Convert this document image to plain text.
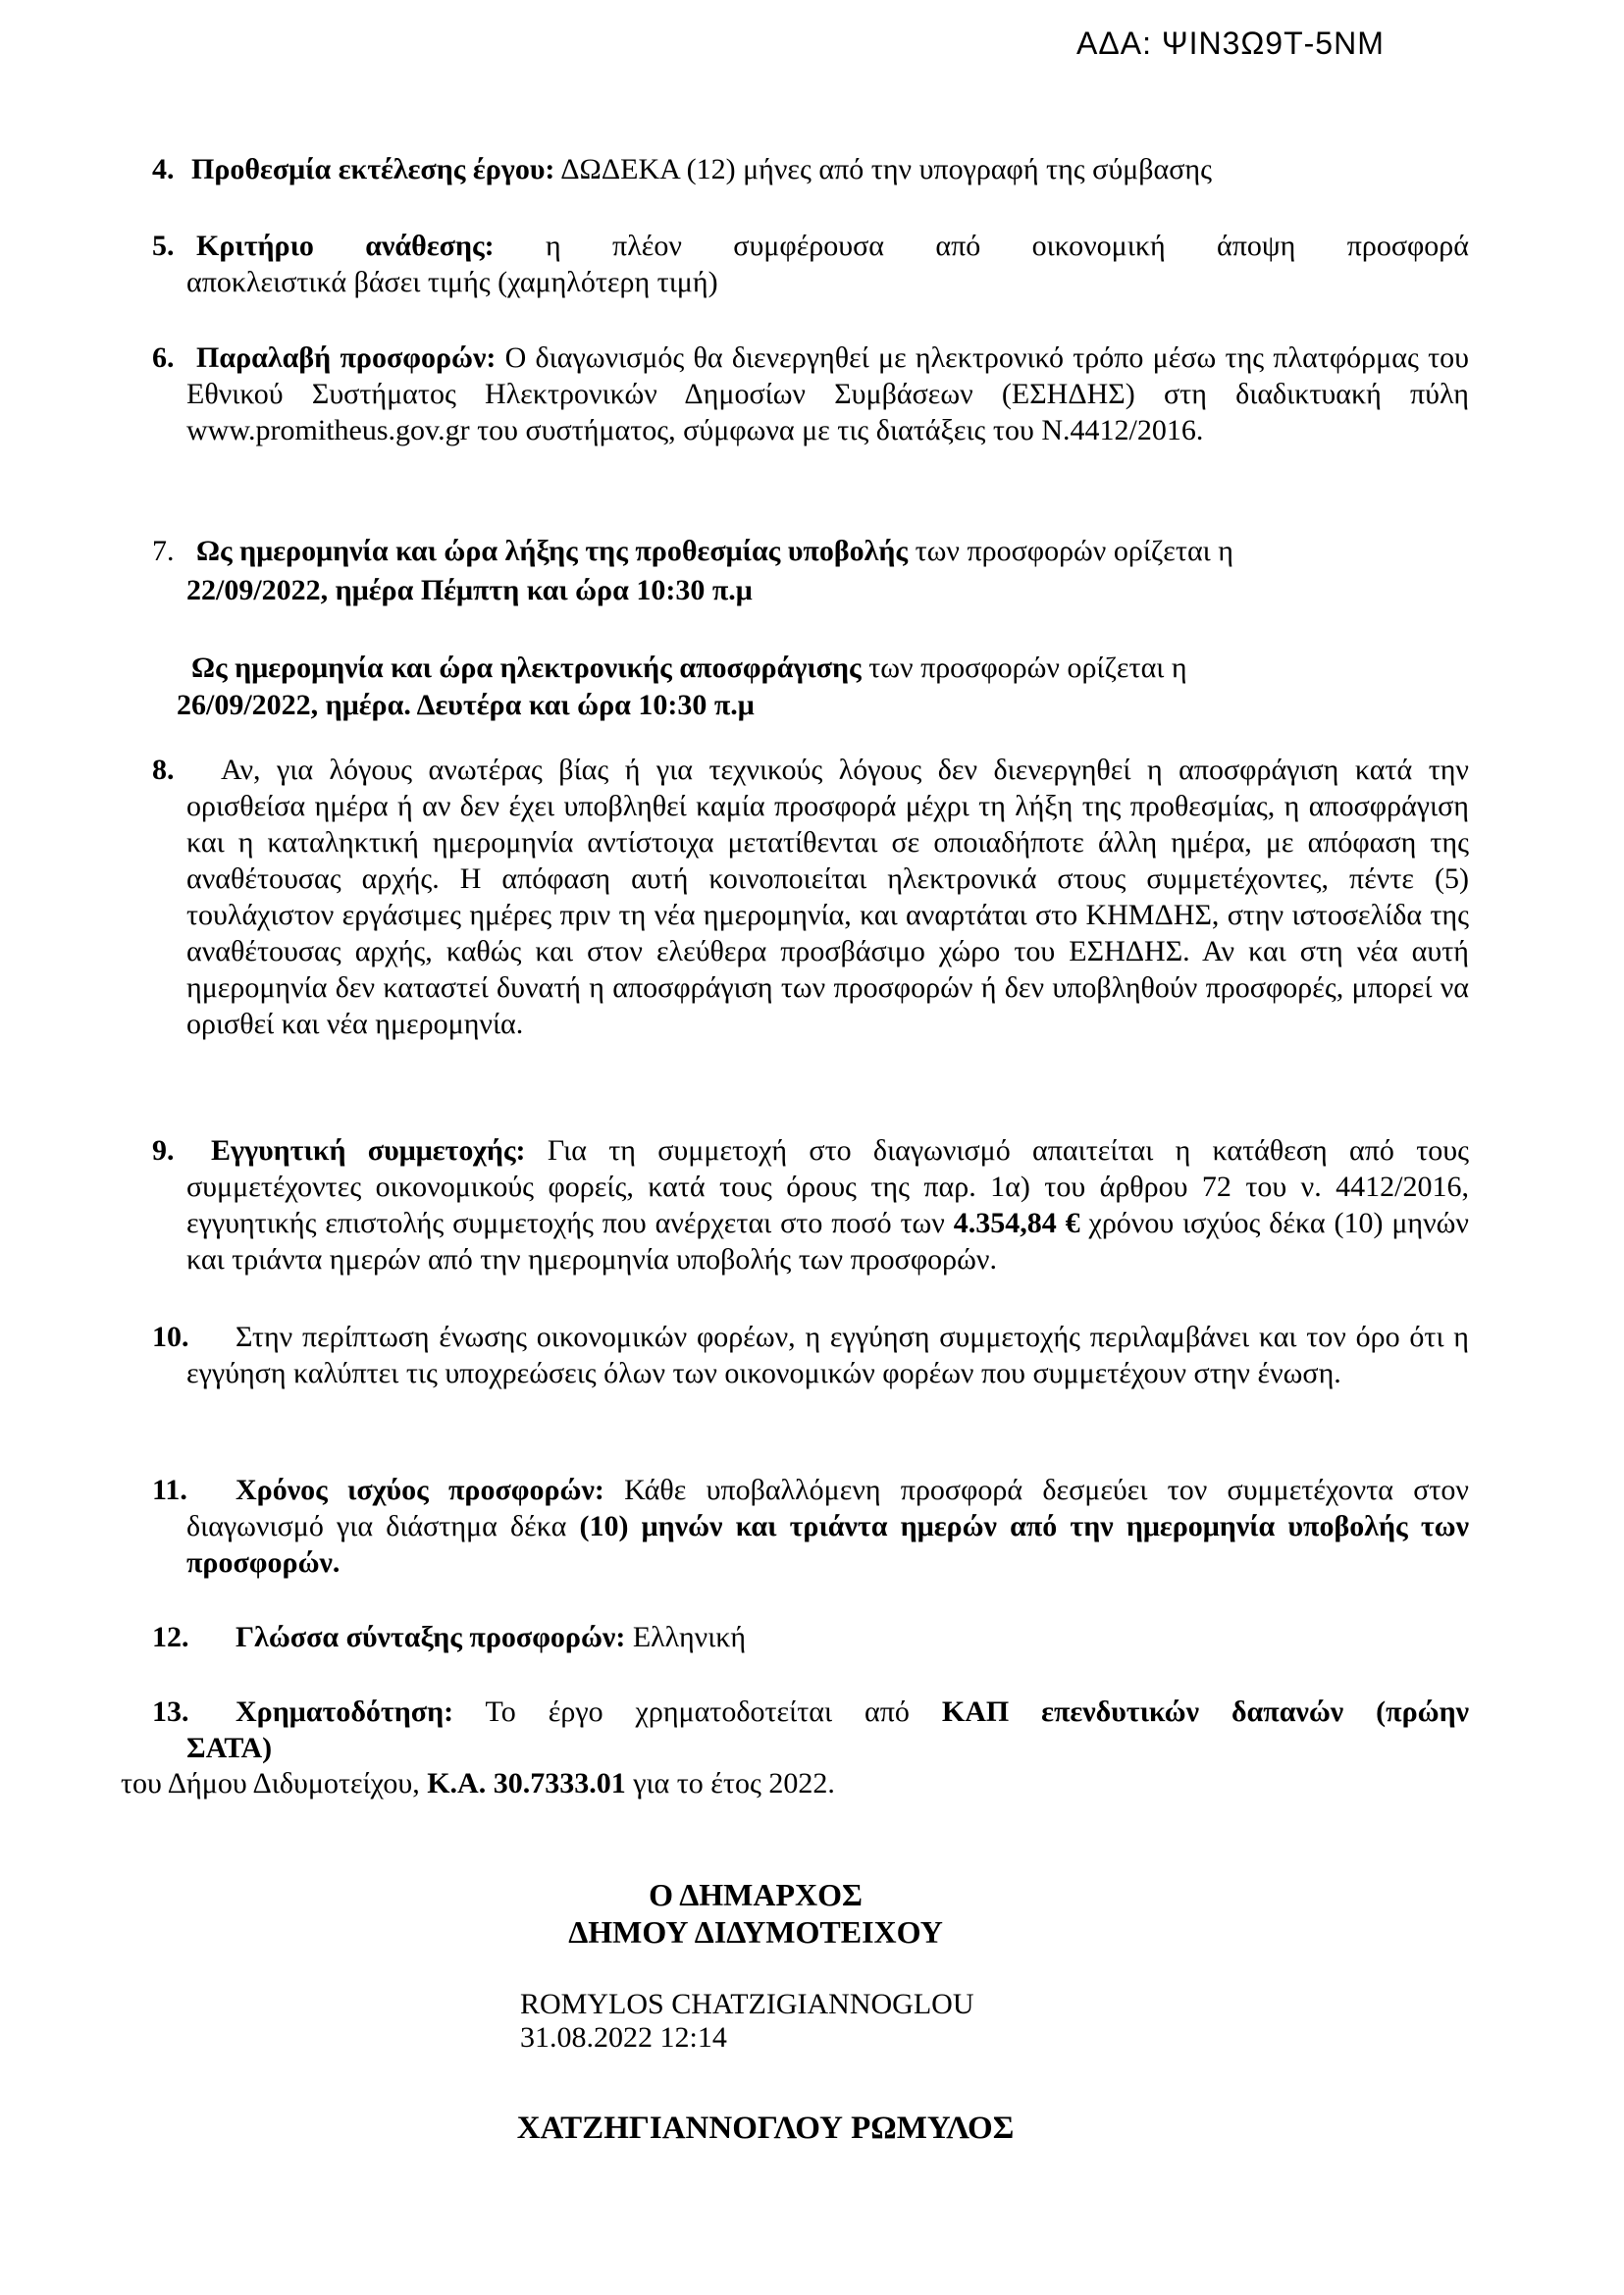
ΑΔΑ: ΨΙΝ3Ω9Τ-5ΝΜ
4. Προθεσμία εκτέλεσης έργου: ΔΩΔΕΚΑ (12) μήνες από την υπογραφή της σύμβασης
5. Κριτήριο ανάθεσης: η πλέον συμφέρουσα από οικονομική άποψη προσφορά
αποκλειστικά βάσει τιμής (χαμηλότερη τιμή)
6. Παραλαβή προσφορών: Ο διαγωνισμός θα διενεργηθεί με ηλεκτρονικό τρόπο μέσω της πλατφόρμας του Εθνικού Συστήματος Ηλεκτρονικών Δημοσίων Συμβάσεων (ΕΣΗΔΗΣ) στη διαδικτυακή πύλη www.promitheus.gov.gr του συστήματος, σύμφωνα με τις διατάξεις του Ν.4412/2016.
7. Ως ημερομηνία και ώρα λήξης της προθεσμίας υποβολής των προσφορών ορίζεται η
22/09/2022, ημέρα Πέμπτη και ώρα 10:30 π.μ
Ως ημερομηνία και ώρα ηλεκτρονικής αποσφράγισης των προσφορών ορίζεται η
26/09/2022, ημέρα. Δευτέρα και ώρα 10:30 π.μ
8. Αν, για λόγους ανωτέρας βίας ή για τεχνικούς λόγους δεν διενεργηθεί η αποσφράγιση κατά την ορισθείσα ημέρα ή αν δεν έχει υποβληθεί καμία προσφορά μέχρι τη λήξη της προθεσμίας, η αποσφράγιση και η καταληκτική ημερομηνία αντίστοιχα μετατίθενται σε οποιαδήποτε άλλη ημέρα, με απόφαση της αναθέτουσας αρχής. Η απόφαση αυτή κοινοποιείται ηλεκτρονικά στους συμμετέχοντες, πέντε (5) τουλάχιστον εργάσιμες ημέρες πριν τη νέα ημερομηνία, και αναρτάται στο ΚΗΜΔΗΣ, στην ιστοσελίδα της αναθέτουσας αρχής, καθώς και στον ελεύθερα προσβάσιμο χώρο του ΕΣΗΔΗΣ. Αν και στη νέα αυτή ημερομηνία δεν καταστεί δυνατή η αποσφράγιση των προσφορών ή δεν υποβληθούν προσφορές, μπορεί να ορισθεί και νέα ημερομηνία.
9. Εγγυητική συμμετοχής: Για τη συμμετοχή στο διαγωνισμό απαιτείται η κατάθεση από τους συμμετέχοντες οικονομικούς φορείς, κατά τους όρους της παρ. 1α) του άρθρου 72 του ν. 4412/2016, εγγυητικής επιστολής συμμετοχής που ανέρχεται στο ποσό των 4.354,84 € χρόνου ισχύος δέκα (10) μηνών και τριάντα ημερών από την ημερομηνία υποβολής των προσφορών.
10. Στην περίπτωση ένωσης οικονομικών φορέων, η εγγύηση συμμετοχής περιλαμβάνει και τον όρο ότι η εγγύηση καλύπτει τις υποχρεώσεις όλων των οικονομικών φορέων που συμμετέχουν στην ένωση.
11. Χρόνος ισχύος προσφορών: Κάθε υποβαλλόμενη προσφορά δεσμεύει τον συμμετέχοντα στον διαγωνισμό για διάστημα δέκα (10) μηνών και τριάντα ημερών από την ημερομηνία υποβολής των προσφορών.
12. Γλώσσα σύνταξης προσφορών: Ελληνική
13. Χρηματοδότηση: Το έργο χρηματοδοτείται από ΚΑΠ επενδυτικών δαπανών (πρώην
ΣΑΤΑ)
του Δήμου Διδυμοτείχου, Κ.Α. 30.7333.01 για το έτος 2022.
Ο ΔΗΜΑΡΧΟΣ
ΔΗΜΟΥ ΔΙΔΥΜΟΤΕΙΧΟΥ
ROMYLOS CHATZIGIANNOGLOU
31.08.2022 12:14
ΧΑΤΖΗΓΙΑΝΝΟΓΛΟΥ ΡΩΜΥΛΟΣ
